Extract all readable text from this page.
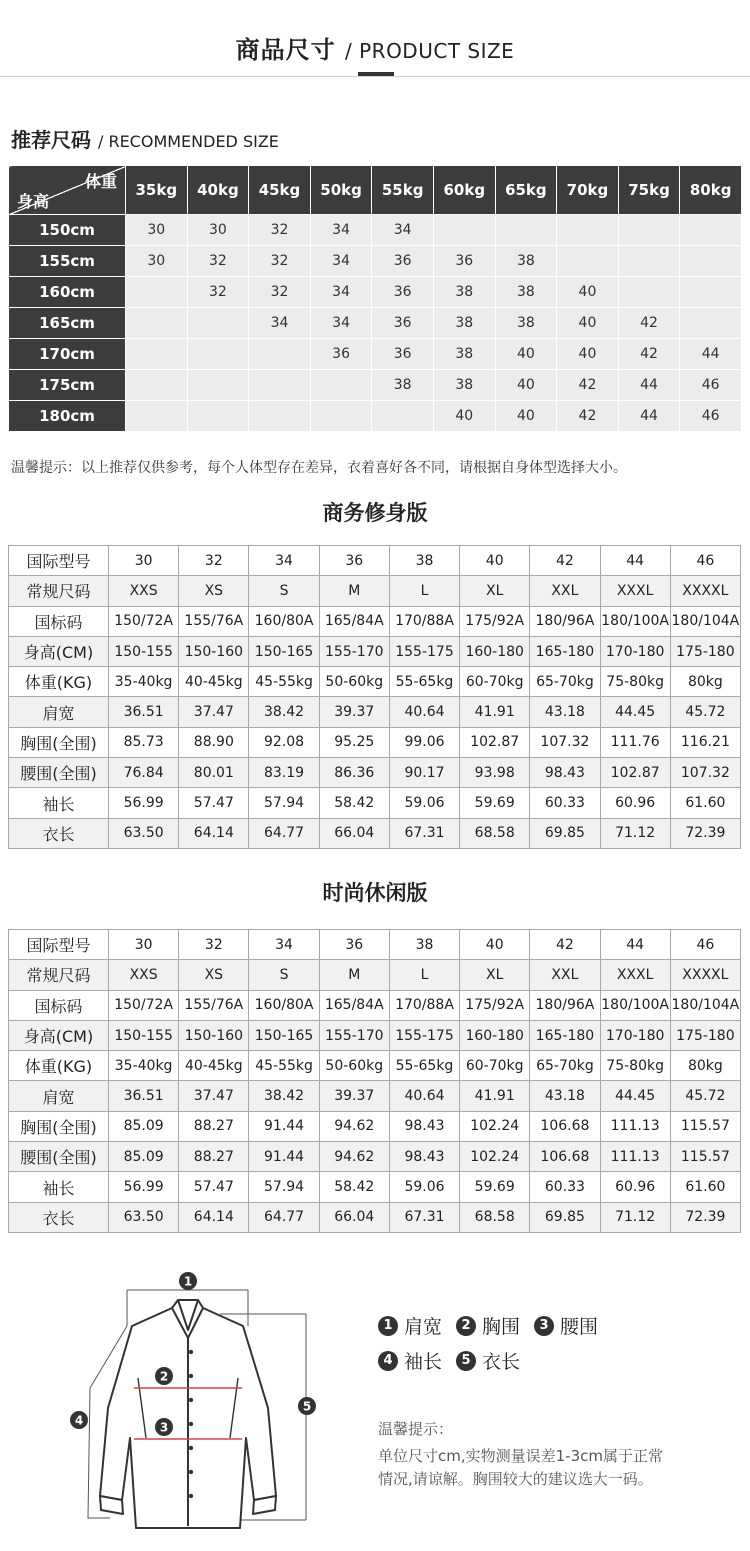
商品尺寸 / PRODUCT SIZE
推荐尺码 / RECOMMENDED SIZE
体重
身高	35kg	40kg	45kg	50kg	55kg	60kg	65kg	70kg	75kg	80kg
150cm	30	30	32	34	34					
155cm	30	32	32	34	36	36	38			
160cm		32	32	34	36	38	38	40		
165cm			34	34	36	38	38	40	42	
170cm				36	36	38	40	40	42	44
175cm					38	38	40	42	44	46
180cm						40	40	42	44	46
温馨提示：以上推荐仅供参考，每个人体型存在差异，衣着喜好各不同，请根据自身体型选择大小。
商务修身版
国际型号	30	32	34	36	38	40	42	44	46
常规尺码	XXS	XS	S	M	L	XL	XXL	XXXL	XXXXL
国标码	150/72A	155/76A	160/80A	165/84A	170/88A	175/92A	180/96A	180/100A	180/104A
身高(CM)	150-155	150-160	150-165	155-170	155-175	160-180	165-180	170-180	175-180
体重(KG)	35-40kg	40-45kg	45-55kg	50-60kg	55-65kg	60-70kg	65-70kg	75-80kg	80kg
肩宽	36.51	37.47	38.42	39.37	40.64	41.91	43.18	44.45	45.72
胸围(全围)	85.73	88.90	92.08	95.25	99.06	102.87	107.32	111.76	116.21
腰围(全围)	76.84	80.01	83.19	86.36	90.17	93.98	98.43	102.87	107.32
袖长	56.99	57.47	57.94	58.42	59.06	59.69	60.33	60.96	61.60
衣长	63.50	64.14	64.77	66.04	67.31	68.58	69.85	71.12	72.39
时尚休闲版
国际型号	30	32	34	36	38	40	42	44	46
常规尺码	XXS	XS	S	M	L	XL	XXL	XXXL	XXXXL
国标码	150/72A	155/76A	160/80A	165/84A	170/88A	175/92A	180/96A	180/100A	180/104A
身高(CM)	150-155	150-160	150-165	155-170	155-175	160-180	165-180	170-180	175-180
体重(KG)	35-40kg	40-45kg	45-55kg	50-60kg	55-65kg	60-70kg	65-70kg	75-80kg	80kg
肩宽	36.51	37.47	38.42	39.37	40.64	41.91	43.18	44.45	45.72
胸围(全围)	85.09	88.27	91.44	94.62	98.43	102.24	106.68	111.13	115.57
腰围(全围)	85.09	88.27	91.44	94.62	98.43	102.24	106.68	111.13	115.57
袖长	56.99	57.47	57.94	58.42	59.06	59.69	60.33	60.96	61.60
衣长	63.50	64.14	64.77	66.04	67.31	68.58	69.85	71.12	72.39
1
2
3
4
5
1 肩宽	2 胸围	3 腰围
4 袖长	5 衣长
温馨提示：
单位尺寸cm,实物测量误差1-3cm属于正常
情况,请谅解。胸围较大的建议选大一码。
